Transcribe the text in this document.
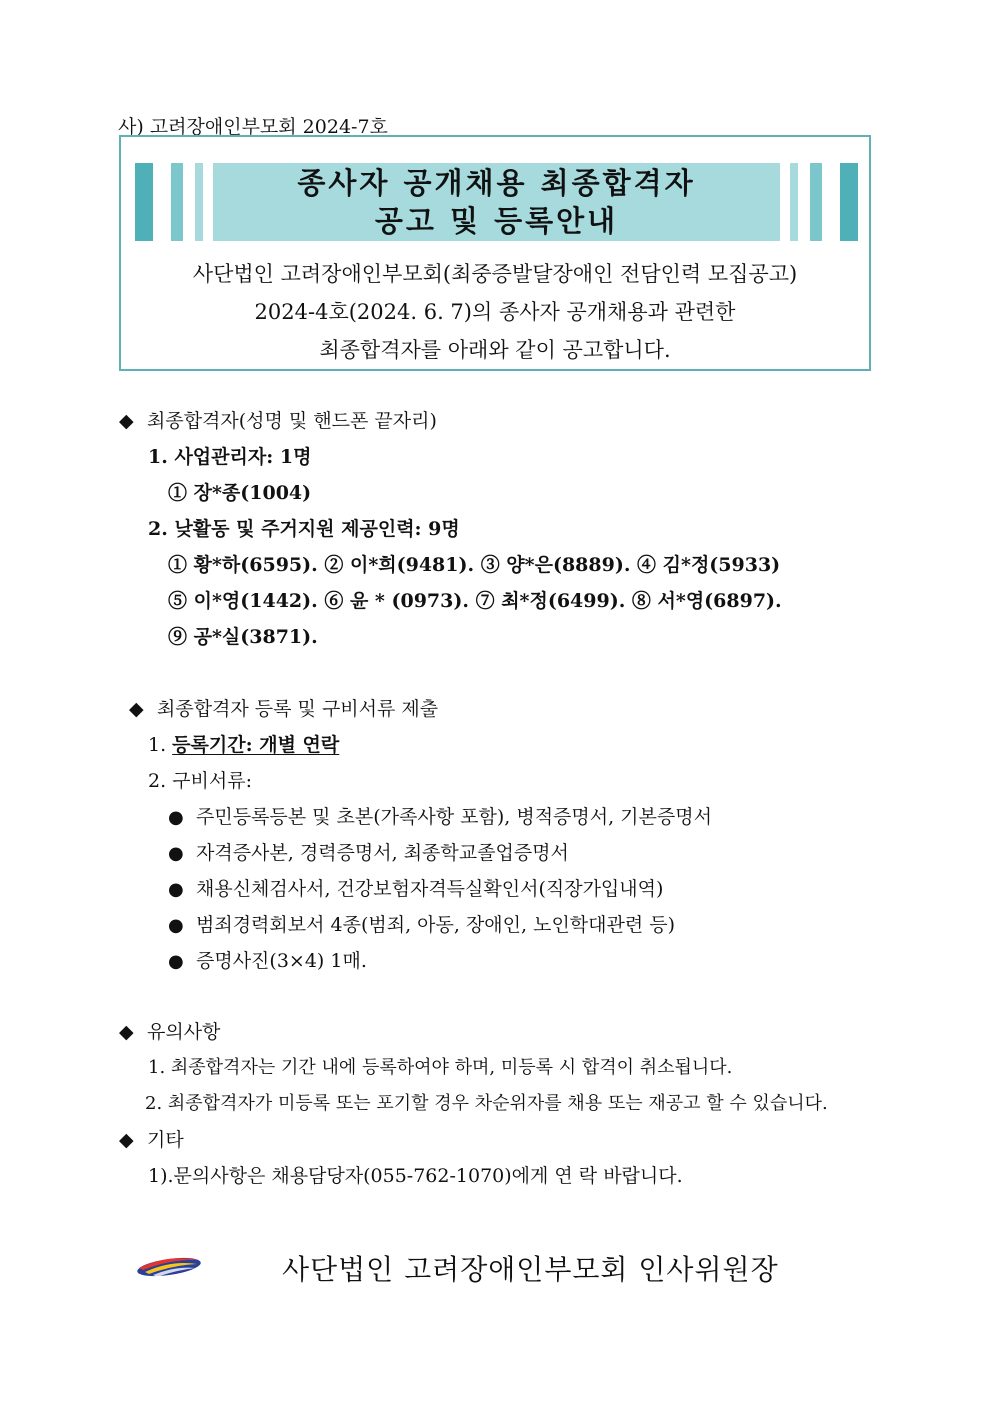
사) 고려장애인부모회 2024-7호
종사자 공개채용 최종합격자
공고 및 등록안내
사단법인 고려장애인부모회(최중증발달장애인 전담인력 모집공고)
2024-4호(2024. 6. 7)의 종사자 공개채용과 관련한
최종합격자를 아래와 같이 공고합니다.
◆ 최종합격자(성명 및 핸드폰 끝자리)
1. 사업관리자: 1명
① 장*종(1004)
2. 낮활동 및 주거지원 제공인력: 9명
① 황*하(6595). ② 이*희(9481). ③ 양*은(8889). ④ 김*정(5933)
⑤ 이*영(1442). ⑥ 윤 * (0973). ⑦ 최*정(6499). ⑧ 서*영(6897).
⑨ 공*실(3871).
◆ 최종합격자 등록 및 구비서류 제출
1. 등록기간: 개별 연락
2. 구비서류:
● 주민등록등본 및 초본(가족사항 포함), 병적증명서, 기본증명서
● 자격증사본, 경력증명서, 최종학교졸업증명서
● 채용신체검사서, 건강보험자격득실확인서(직장가입내역)
● 범죄경력회보서 4종(범죄, 아동, 장애인, 노인학대관련 등)
● 증명사진(3×4) 1매.
◆ 유의사항
1. 최종합격자는 기간 내에 등록하여야 하며, 미등록 시 합격이 취소됩니다.
2. 최종합격자가 미등록 또는 포기할 경우 차순위자를 채용 또는 재공고 할 수 있습니다.
◆ 기타
1).문의사항은 채용담당자(055-762-1070)에게 연 락 바랍니다.
사단법인 고려장애인부모회 인사위원장
